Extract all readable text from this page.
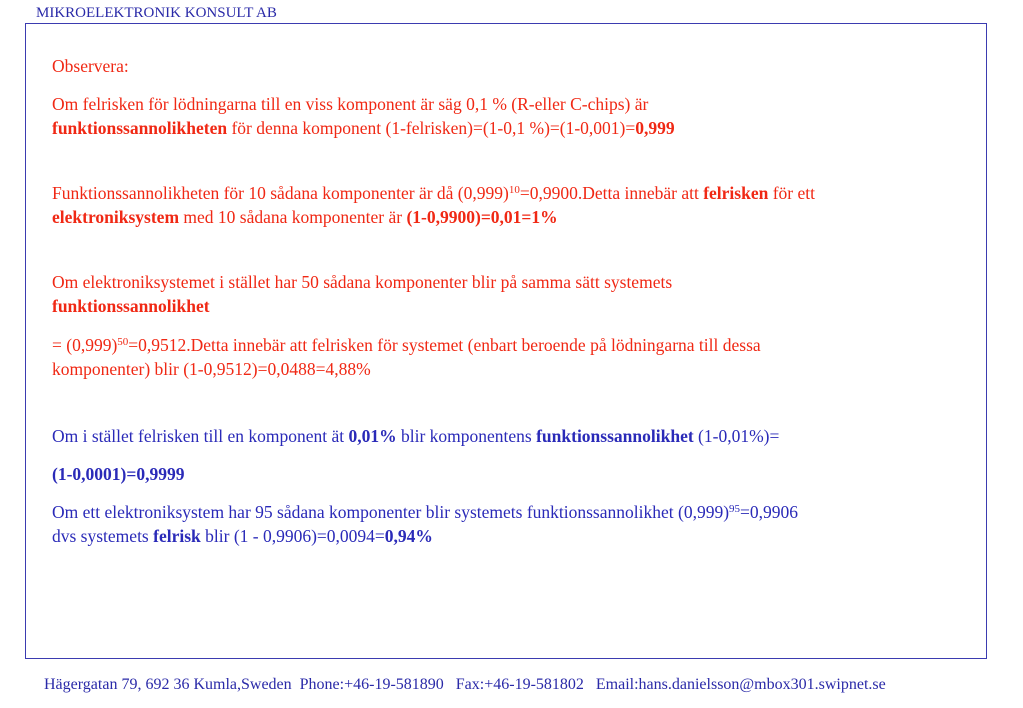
MIKROELEKTRONIK KONSULT AB

Observera:

Om felrisken för lödningarna till en viss komponent är säg 0,1 % (R-eller C-chips) är

funktionssannolikheten för denna komponent (1-felrisken)=(1-0,1 %)=(1-0,001)=0,999

Funktionssannolikheten för 10 sådana komponenter är då $(0,999)^{10}=0,9900.Detta$ innebär att felrisken för ett

elektroniksystem med 10 sådana komponenter är (1-0,9900)=0,01=1%

Om elektroniksystemet i stället har 50 sådana komponenter blir på samma sätt systemets

funktionssannolikhet

= $(0,999)^{50}=0,9512.Detta$ innebär att felrisken för systemet (enbart beroende på lödningarna till dessa

komponenter) blir (1-0,9512)=0,0488=4,88%

Om i stället felrisken till en komponent ät 0,01% blir komponentens funktionssannolikhet (1-0,01%)=

(1-0,0001)=0,9999

Om ett elektroniksystem har 95 sådana komponenter blir systemets funktionssannolikhet $(0,999)^{95}=0,9906$

dvs systemets felrisk blir (1 - 0,9906)=0,0094=0,94%

Hägergatan 79, 692 36 Kumla,Sweden  Phone:+46-19-581890   Fax:+46-19-581802   Email:hans.danielsson@mbox301.swipnet.se
